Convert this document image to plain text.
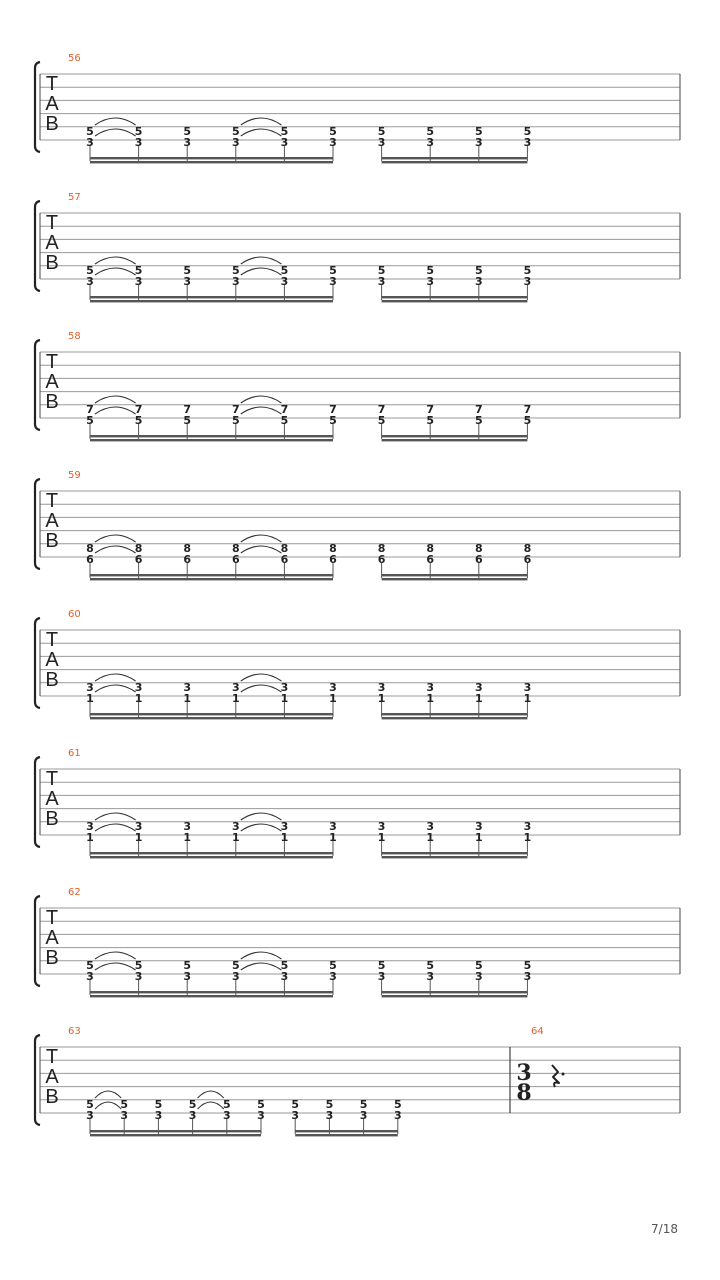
T
A
B
56
5
3
5
3
5
3
5
3
5
3
5
3
5
3
5
3
5
3
5
3
T
A
B
57
5
3
5
3
5
3
5
3
5
3
5
3
5
3
5
3
5
3
5
3
T
A
B
58
7
5
7
5
7
5
7
5
7
5
7
5
7
5
7
5
7
5
7
5
T
A
B
59
8
6
8
6
8
6
8
6
8
6
8
6
8
6
8
6
8
6
8
6
T
A
B
60
3
1
3
1
3
1
3
1
3
1
3
1
3
1
3
1
3
1
3
1
T
A
B
61
3
1
3
1
3
1
3
1
3
1
3
1
3
1
3
1
3
1
3
1
T
A
B
62
5
3
5
3
5
3
5
3
5
3
5
3
5
3
5
3
5
3
5
3
T
A
B
63
5
3
5
3
5
3
5
3
5
3
5
3
5
3
5
3
5
3
5
3
64
3
8
7/18
